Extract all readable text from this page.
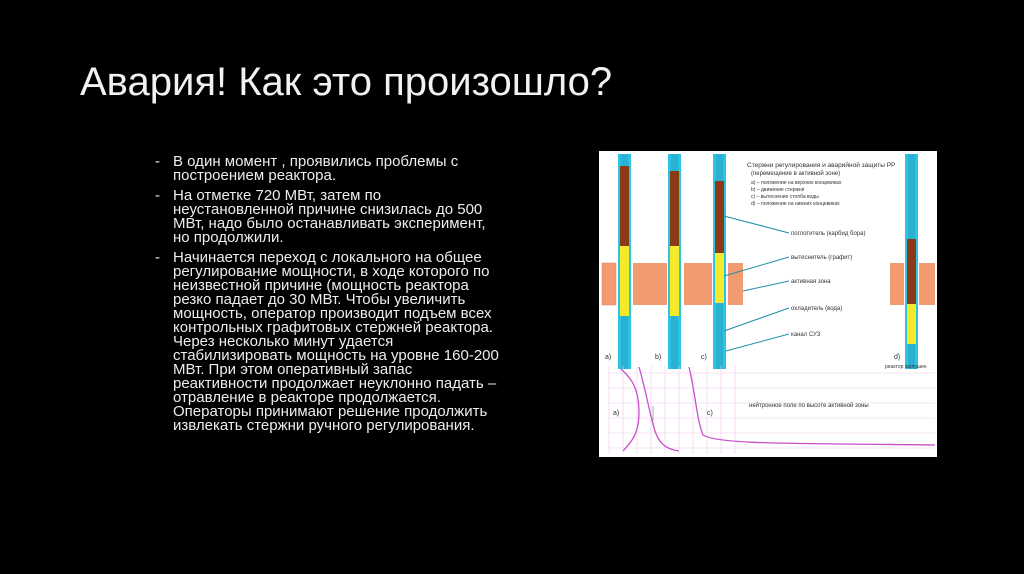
Авария! Как это произошло?
- В один момент , проявились проблемы с построением реактора.
- На отметке 720 МВт, затем по неустановленной причине снизилась до 500 МВт, надо было останавливать эксперимент, но продолжили.
- Начинается переход с локального на общее регулирование мощности, в ходе которого по неизвестной причине (мощность реактора резко падает до 30 МВт. Чтобы увеличить мощность, оператор производит подъем всех контрольных графитовых стержней реактора. Через несколько минут удается стабилизировать мощность на уровне 160-200 МВт. При этом оперативный запас реактивности продолжает неуклонно падать – отравление в реакторе продолжается. Операторы принимают решение продолжить извлекать стержни ручного регулирования.
Стержни регулирования и аварийной защиты РР
(перемещение в активной зоне)
а) – положение на верхних концевиках
b) – движение стержня
c) – вытеснение столба воды
d) – положение на нижних концевиках
поглотитель (карбид бора)
вытеснитель (графит)
активная зона
охладитель (вода)
канал СУЗ
а)	b)	c)	d)
реактор заглушен
а)	c)
нейтронное поле по высоте активной зоны
